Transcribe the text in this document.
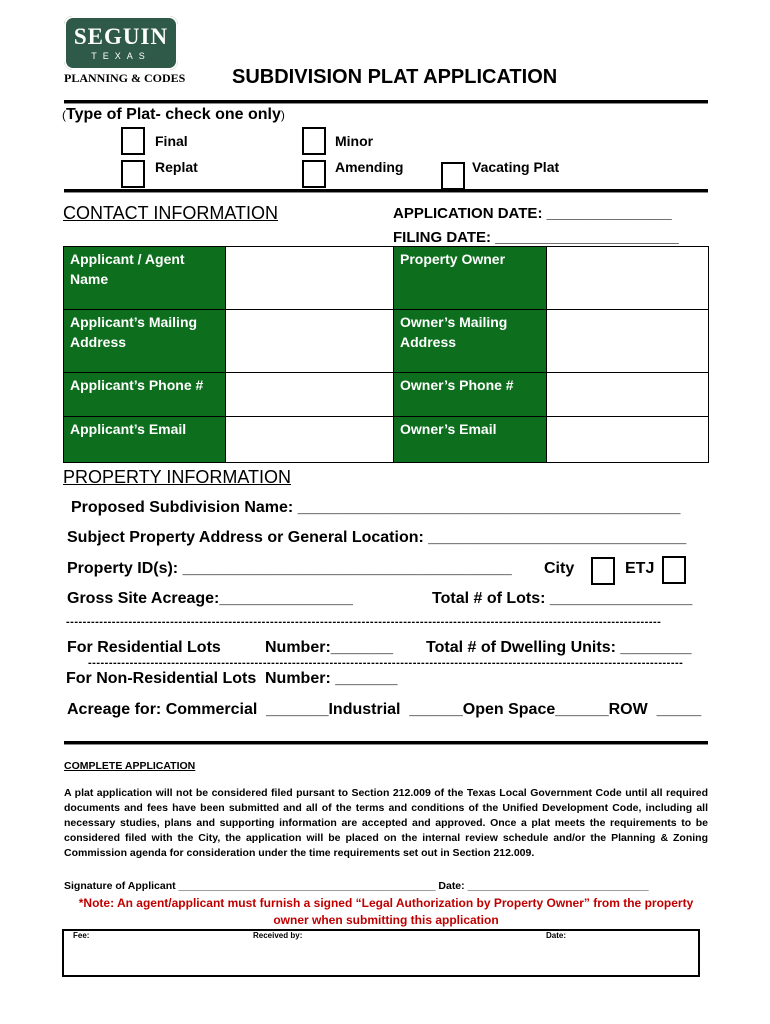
SEGUIN
TEXAS
PLANNING & CODES SUBDIVISION PLAT APPLICATION
(Type of Plat- check one only)
Final	Minor
Replat	Amending	Vacating Plat
CONTACT INFORMATION	APPLICATION DATE: _______________
FILING DATE: ______________________
Applicant / Agent Name		Property Owner	
Applicant’s Mailing Address		Owner’s Mailing Address	
Applicant’s Phone #		Owner’s Phone #	
Applicant’s Email		Owner’s Email	
PROPERTY INFORMATION
Proposed Subdivision Name: ___________________________________________
Subject Property Address or General Location: _____________________________
Property ID(s): _____________________________________ City	ETJ
Gross Site Acreage:_______________	Total # of Lots: ________________
-----------------------------------------------------------------------------------------------------------------------------------------------
For Residential Lots	Number:_______ Total # of Dwelling Units: ________
-----------------------------------------------------------------------------------------------------------------------------------------------
For Non-Residential Lots Number: _______
Acreage for: Commercial  _______Industrial  ______Open Space______ROW  _____
COMPLETE APPLICATION
A plat application will not be considered filed pursant to Section 212.009 of the Texas Local Government Code until all required documents and fees have been submitted and all of the terms and conditions of the Unified Development Code, including all necessary studies, plans and supporting information are accepted and approved. Once a plat meets the requirements to be considered filed with the City, the application will be placed on the internal review schedule and/or the Planning & Zoning Commission agenda for consideration under the time requirements set out in Section 212.009.
Signature of Applicant ____________________________________________ Date: _______________________________
*Note: An agent/applicant must furnish a signed “Legal Authorization by Property Owner” from the property
owner when submitting this application
Fee:	Received by:	Date:
